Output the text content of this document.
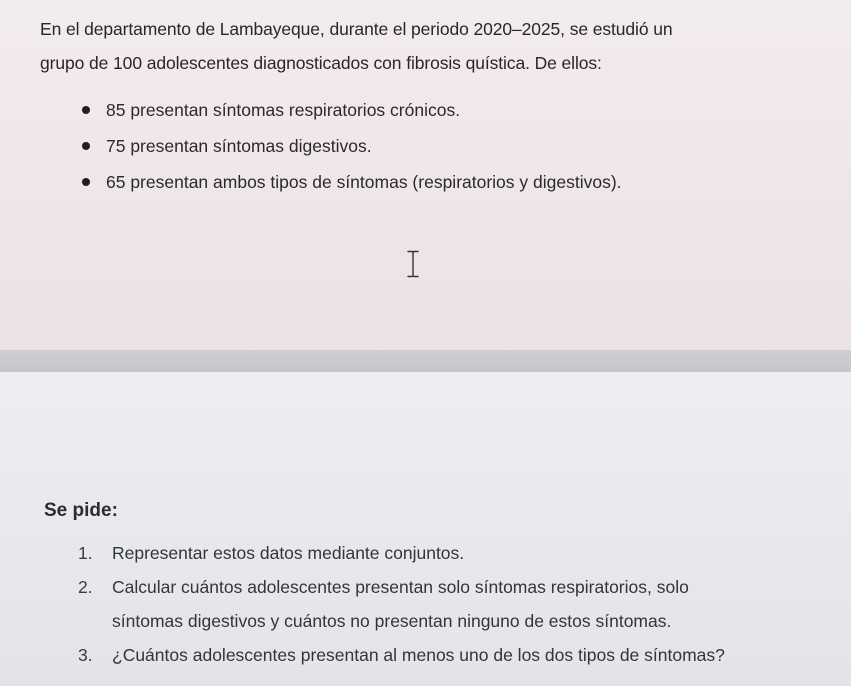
En el departamento de Lambayeque, durante el periodo 2020–2025, se estudió un
grupo de 100 adolescentes diagnosticados con fibrosis quística. De ellos:
85 presentan síntomas respiratorios crónicos.
75 presentan síntomas digestivos.
65 presentan ambos tipos de síntomas (respiratorios y digestivos).
Se pide:
1.	Representar estos datos mediante conjuntos.
2.	Calcular cuántos adolescentes presentan solo síntomas respiratorios, solo
síntomas digestivos y cuántos no presentan ninguno de estos síntomas.
3.	¿Cuántos adolescentes presentan al menos uno de los dos tipos de síntomas?
